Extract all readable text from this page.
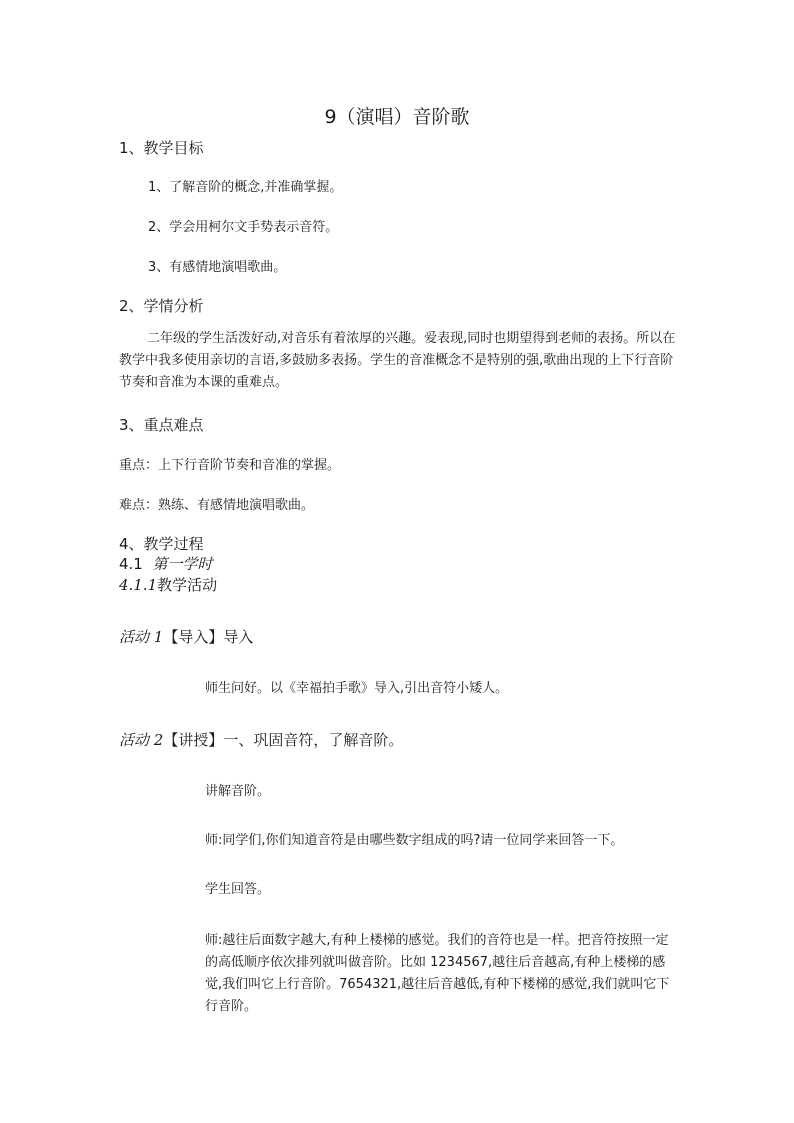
9（演唱）音阶歌
1、教学目标
1、了解音阶的概念,并准确掌握。
2、学会用柯尔文手势表示音符。
3、有感情地演唱歌曲。
2、学情分析
二年级的学生活泼好动,对音乐有着浓厚的兴趣。爱表现,同时也期望得到老师的表扬。所以在教学中我多使用亲切的言语,多鼓励多表扬。学生的音准概念不是特别的强,歌曲出现的上下行音阶节奏和音准为本课的重难点。
3、重点难点
重点：上下行音阶节奏和音准的掌握。
难点：熟练、有感情地演唱歌曲。
4、教学过程
4.1 第一学时
4.1.1教学活动
活动 1【导入】导入
师生问好。以《幸福拍手歌》导入,引出音符小矮人。
活动 2【讲授】一、巩固音符，了解音阶。
讲解音阶。
师:同学们,你们知道音符是由哪些数字组成的吗?请一位同学来回答一下。
学生回答。
师:越往后面数字越大,有种上楼梯的感觉。我们的音符也是一样。把音符按照一定的高低顺序依次排列就叫做音阶。比如 1234567,越往后音越高,有种上楼梯的感觉,我们叫它上行音阶。7654321,越往后音越低,有种下楼梯的感觉,我们就叫它下行音阶。
